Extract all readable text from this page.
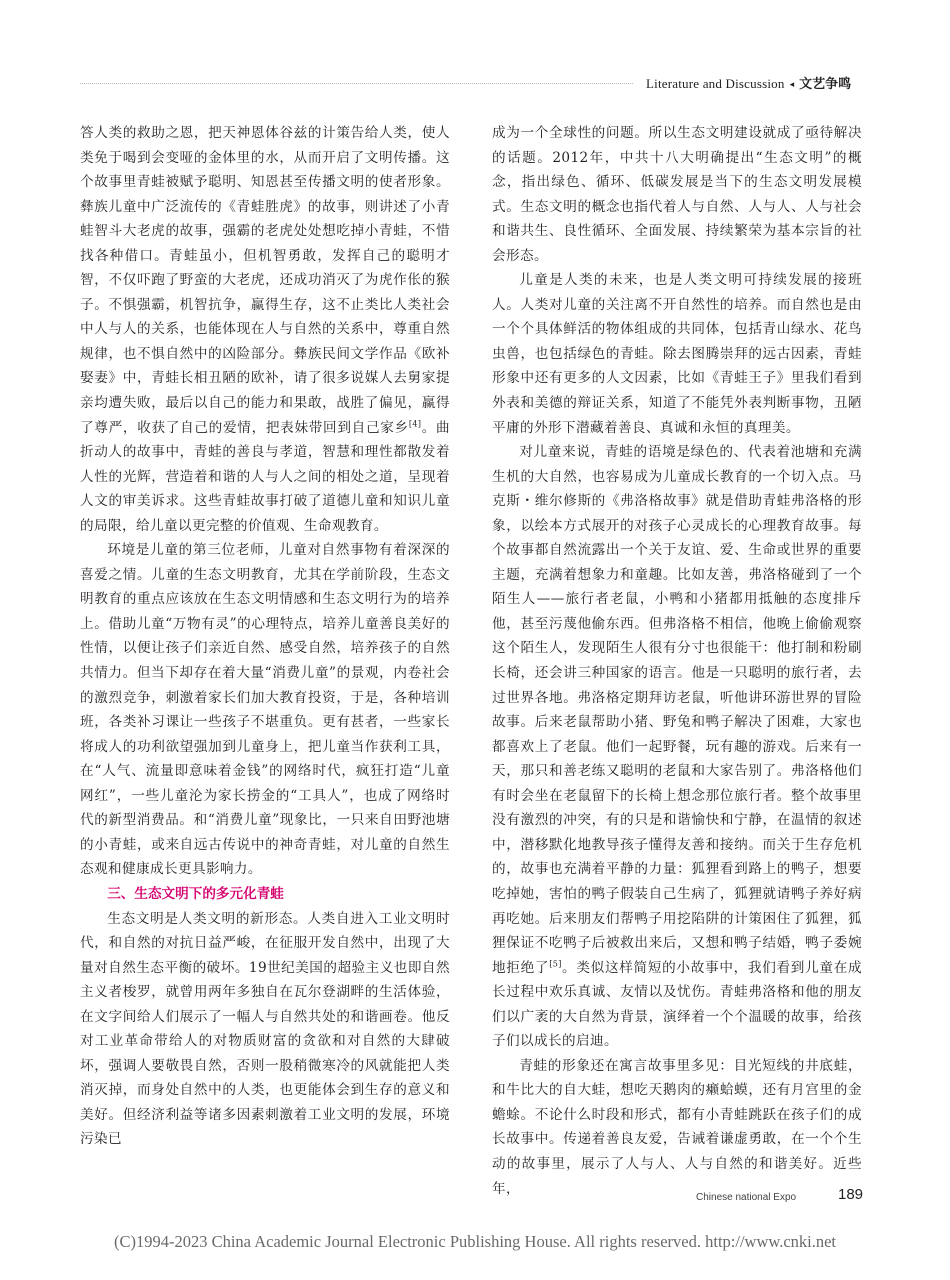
Literature and Discussion ◂ 文艺争鸣

答人类的救助之恩，把天神恩体谷兹的计策告给人类，使人类免于喝到会变哑的金体里的水，从而开启了文明传播。这个故事里青蛙被赋予聪明、知恩甚至传播文明的使者形象。彝族儿童中广泛流传的《青蛙胜虎》的故事，则讲述了小青蛙智斗大老虎的故事，强霸的老虎处处想吃掉小青蛙，不惜找各种借口。青蛙虽小，但机智勇敢，发挥自己的聪明才智，不仅吓跑了野蛮的大老虎，还成功消灭了为虎作伥的猴子。不惧强霸，机智抗争，赢得生存，这不止类比人类社会中人与人的关系，也能体现在人与自然的关系中，尊重自然规律，也不惧自然中的凶险部分。彝族民间文学作品《欧补娶妻》中，青蛙长相丑陋的欧补，请了很多说媒人去舅家提亲均遭失败，最后以自己的能力和果敢，战胜了偏见，赢得了尊严，收获了自己的爱情，把表妹带回到自己家乡[4]。曲折动人的故事中，青蛙的善良与孝道，智慧和理性都散发着人性的光辉，营造着和谐的人与人之间的相处之道，呈现着人文的审美诉求。这些青蛙故事打破了道德儿童和知识儿童的局限，给儿童以更完整的价值观、生命观教育。

环境是儿童的第三位老师，儿童对自然事物有着深深的喜爱之情。儿童的生态文明教育，尤其在学前阶段，生态文明教育的重点应该放在生态文明情感和生态文明行为的培养上。借助儿童“万物有灵”的心理特点，培养儿童善良美好的性情，以便让孩子们亲近自然、感受自然，培养孩子的自然共情力。但当下却存在着大量“消费儿童”的景观，内卷社会的激烈竞争，刺激着家长们加大教育投资，于是，各种培训班，各类补习课让一些孩子不堪重负。更有甚者，一些家长将成人的功利欲望强加到儿童身上，把儿童当作获利工具，在“人气、流量即意味着金钱”的网络时代，疯狂打造“儿童网红”，一些儿童沦为家长捞金的“工具人”，也成了网络时代的新型消费品。和“消费儿童”现象比，一只来自田野池塘的小青蛙，或来自远古传说中的神奇青蛙，对儿童的自然生态观和健康成长更具影响力。

三、生态文明下的多元化青蛙

生态文明是人类文明的新形态。人类自进入工业文明时代，和自然的对抗日益严峻，在征服开发自然中，出现了大量对自然生态平衡的破坏。19世纪美国的超验主义也即自然主义者梭罗，就曾用两年多独自在瓦尔登湖畔的生活体验，在文字间给人们展示了一幅人与自然共处的和谐画卷。他反对工业革命带给人的对物质财富的贪欲和对自然的大肆破坏，强调人要敬畏自然，否则一股稍微寒冷的风就能把人类消灭掉，而身处自然中的人类，也更能体会到生存的意义和美好。但经济利益等诸多因素刺激着工业文明的发展，环境污染已

成为一个全球性的问题。所以生态文明建设就成了亟待解决的话题。2012年，中共十八大明确提出“生态文明”的概念，指出绿色、循环、低碳发展是当下的生态文明发展模式。生态文明的概念也指代着人与自然、人与人、人与社会和谐共生、良性循环、全面发展、持续繁荣为基本宗旨的社会形态。

儿童是人类的未来，也是人类文明可持续发展的接班人。人类对儿童的关注离不开自然性的培养。而自然也是由一个个具体鲜活的物体组成的共同体，包括青山绿水、花鸟虫兽，也包括绿色的青蛙。除去图腾崇拜的远古因素，青蛙形象中还有更多的人文因素，比如《青蛙王子》里我们看到外表和美德的辩证关系，知道了不能凭外表判断事物，丑陋平庸的外形下潜藏着善良、真诚和永恒的真理美。

对儿童来说，青蛙的语境是绿色的、代表着池塘和充满生机的大自然，也容易成为儿童成长教育的一个切入点。马克斯・维尔修斯的《弗洛格故事》就是借助青蛙弗洛格的形象，以绘本方式展开的对孩子心灵成长的心理教育故事。每个故事都自然流露出一个关于友谊、爱、生命或世界的重要主题，充满着想象力和童趣。比如友善，弗洛格碰到了一个陌生人——旅行者老鼠，小鸭和小猪都用抵触的态度排斥他，甚至污蔑他偷东西。但弗洛格不相信，他晚上偷偷观察这个陌生人，发现陌生人很有分寸也很能干：他打制和粉刷长椅，还会讲三种国家的语言。他是一只聪明的旅行者，去过世界各地。弗洛格定期拜访老鼠，听他讲环游世界的冒险故事。后来老鼠帮助小猪、野兔和鸭子解决了困难，大家也都喜欢上了老鼠。他们一起野餐，玩有趣的游戏。后来有一天，那只和善老练又聪明的老鼠和大家告别了。弗洛格他们有时会坐在老鼠留下的长椅上想念那位旅行者。整个故事里没有激烈的冲突，有的只是和谐愉快和宁静，在温情的叙述中，潜移默化地教导孩子懂得友善和接纳。而关于生存危机的，故事也充满着平静的力量：狐狸看到路上的鸭子，想要吃掉她，害怕的鸭子假装自己生病了，狐狸就请鸭子养好病再吃她。后来朋友们帮鸭子用挖陷阱的计策困住了狐狸，狐狸保证不吃鸭子后被救出来后，又想和鸭子结婚，鸭子委婉地拒绝了[5]。类似这样简短的小故事中，我们看到儿童在成长过程中欢乐真诚、友情以及忧伤。青蛙弗洛格和他的朋友们以广袤的大自然为背景，演绎着一个个温暖的故事，给孩子们以成长的启迪。

青蛙的形象还在寓言故事里多见：目光短线的井底蛙，和牛比大的自大蛙，想吃天鹅肉的癞蛤蟆，还有月宫里的金蟾蜍。不论什么时段和形式，都有小青蛙跳跃在孩子们的成长故事中。传递着善良友爱，告诫着谦虚勇敢，在一个个生动的故事里，展示了人与人、人与自然的和谐美好。近些年，

Chinese national Expo	189
(C)1994-2023 China Academic Journal Electronic Publishing House. All rights reserved. http://www.cnki.net
